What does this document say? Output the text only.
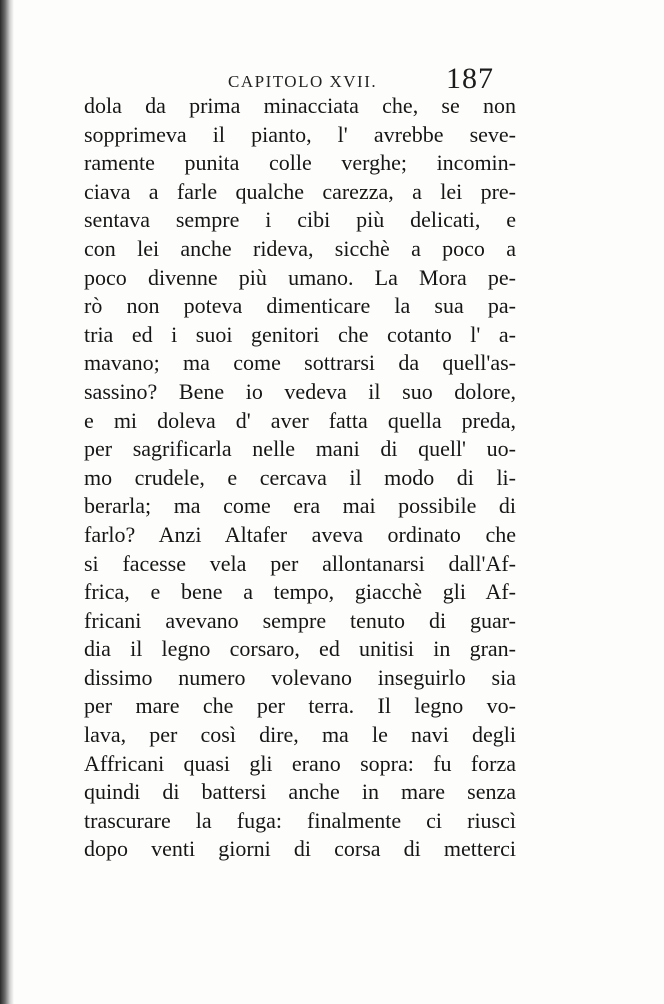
CAPITOLO XVII. 187
dola da prima minacciata che, se non
sopprimeva il pianto, l' avrebbe seve-
ramente punita colle verghe; incomin-
ciava a farle qualche carezza, a lei pre-
sentava sempre i cibi più delicati, e
con lei anche rideva, sicchè a poco a
poco divenne più umano. La Mora pe-
rò non poteva dimenticare la sua pa-
tria ed i suoi genitori che cotanto l' a-
mavano; ma come sottrarsi da quell'as-
sassino? Bene io vedeva il suo dolore,
e mi doleva d' aver fatta quella preda,
per sagrificarla nelle mani di quell' uo-
mo crudele, e cercava il modo di li-
berarla; ma come era mai possibile di
farlo? Anzi Altafer aveva ordinato che
si facesse vela per allontanarsi dall'Af-
frica, e bene a tempo, giacchè gli Af-
fricani avevano sempre tenuto di guar-
dia il legno corsaro, ed unitisi in gran-
dissimo numero volevano inseguirlo sia
per mare che per terra. Il legno vo-
lava, per così dire, ma le navi degli
Affricani quasi gli erano sopra: fu forza
quindi di battersi anche in mare senza
trascurare la fuga: finalmente ci riuscì
dopo venti giorni di corsa di metterci
